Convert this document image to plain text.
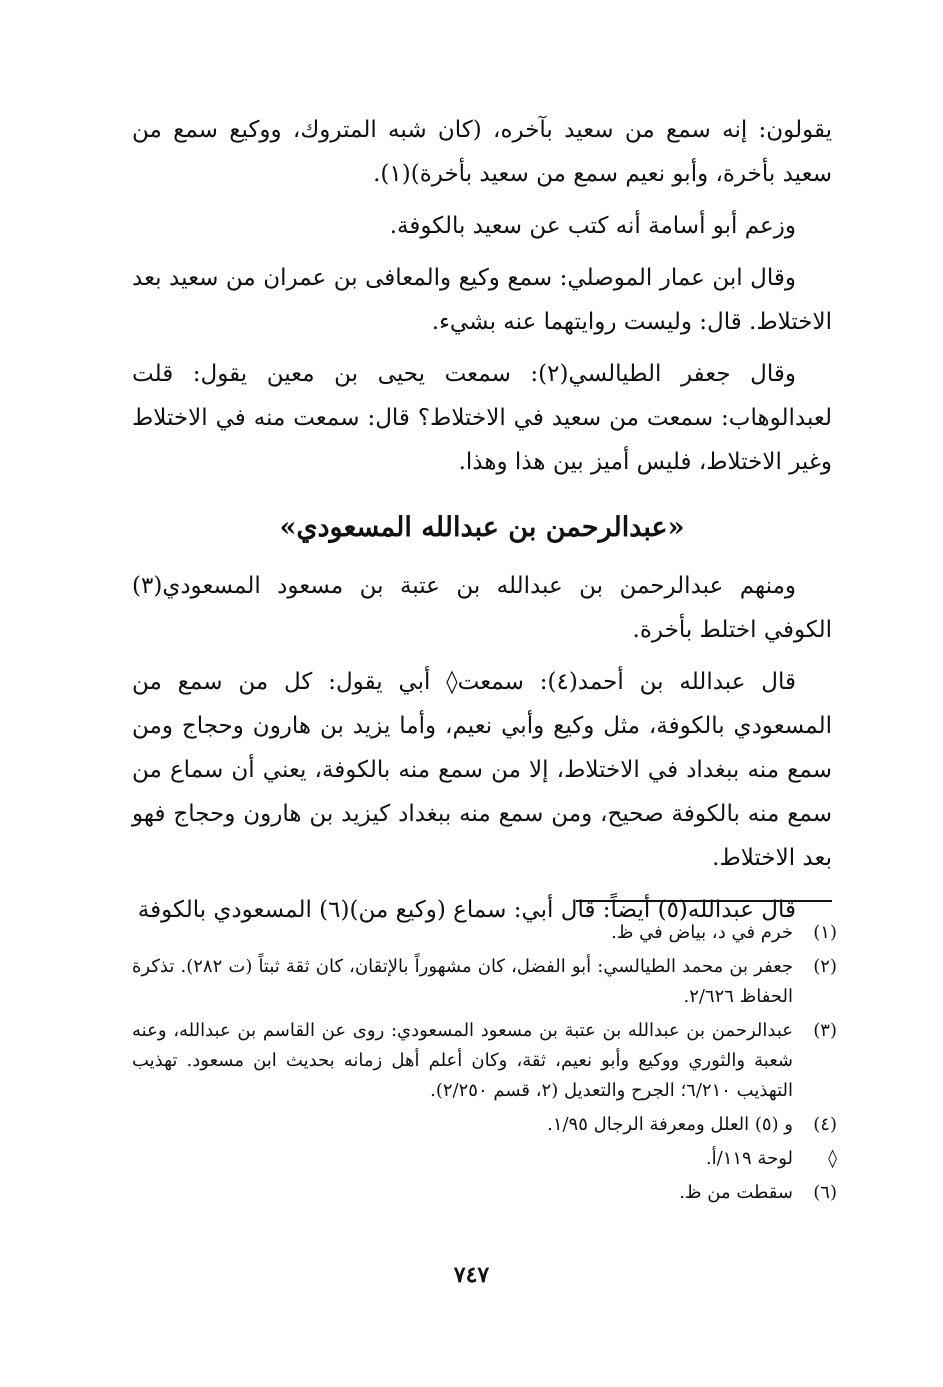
يقولون: إنه سمع من سعيد بآخره، (كان شبه المتروك، ووكيع سمع من سعيد بأخرة، وأبو نعيم سمع من سعيد بأخرة)(١).

وزعم أبو أسامة أنه كتب عن سعيد بالكوفة.

وقال ابن عمار الموصلي: سمع وكيع والمعافى بن عمران من سعيد بعد الاختلاط. قال: وليست روايتهما عنه بشيء.

وقال جعفر الطيالسي(٢): سمعت يحيى بن معين يقول: قلت لعبدالوهاب: سمعت من سعيد في الاختلاط؟ قال: سمعت منه في الاختلاط وغير الاختلاط، فليس أميز بين هذا وهذا.

«عبدالرحمن بن عبدالله المسعودي»

ومنهم عبدالرحمن بن عبدالله بن عتبة بن مسعود المسعودي(٣) الكوفي اختلط بأخرة.

قال عبدالله بن أحمد(٤): سمعت◊ أبي يقول: كل من سمع من المسعودي بالكوفة، مثل وكيع وأبي نعيم، وأما يزيد بن هارون وحجاج ومن سمع منه ببغداد في الاختلاط، إلا من سمع منه بالكوفة، يعني أن سماع من سمع منه بالكوفة صحيح، ومن سمع منه ببغداد كيزيد بن هارون وحجاج فهو بعد الاختلاط.

قال عبدالله(٥) أيضاً: قال أبي: سماع (وكيع من)(٦) المسعودي بالكوفة

(١)
خرم في د، بياض في ظ.
(٢)
جعفر بن محمد الطيالسي: أبو الفضل، كان مشهوراً بالإتقان، كان ثقة ثبتاً (ت ٢٨٢). تذكرة الحفاظ ٢/٦٢٦.
(٣)
عبدالرحمن بن عبدالله بن عتبة بن مسعود المسعودي: روى عن القاسم بن عبدالله، وعنه شعبة والثوري ووكيع وأبو نعيم، ثقة، وكان أعلم أهل زمانه بحديث ابن مسعود. تهذيب التهذيب ٦/٢١٠؛ الجرح والتعديل (٢، قسم ٢/٢٥٠).
(٤)
و (٥) العلل ومعرفة الرجال ١/٩٥.
◊
لوحة ١١٩/أ.
(٦)
سقطت من ظ.
٧٤٧
